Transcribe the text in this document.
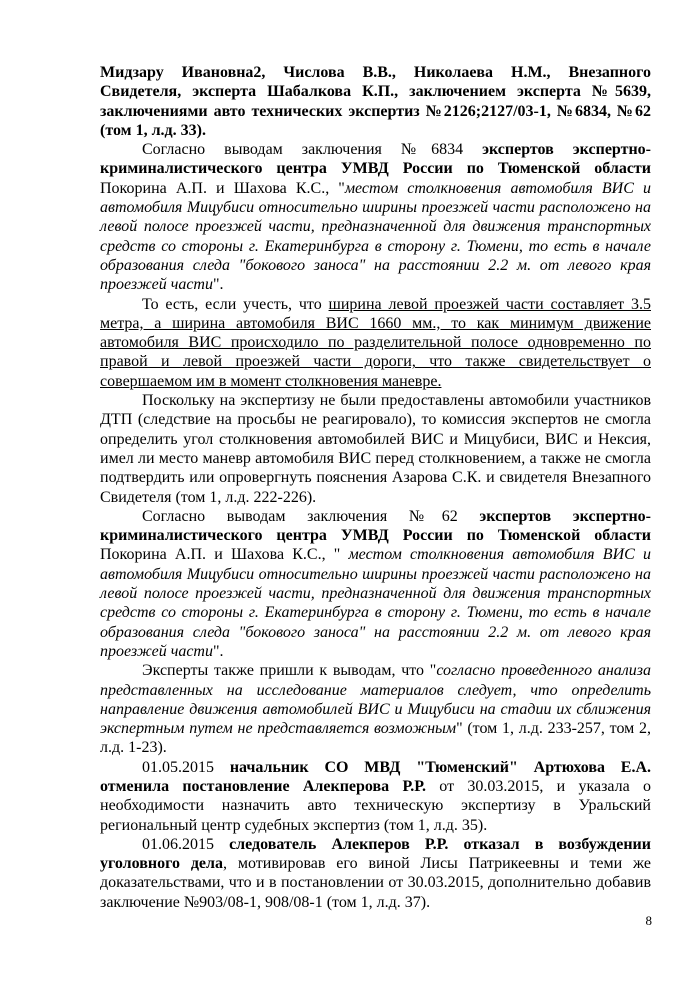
Мидзару Ивановна2, Числова В.В., Николаева Н.М., Внезапного Свидетеля, эксперта Шабалкова К.П., заключением эксперта №5639, заключениями авто технических экспертиз №2126;2127/03-1, №6834, №62 (том 1, л.д. 33).

Согласно выводам заключения №6834 экспертов экспертно-криминалистического центра УМВД России по Тюменской области Покорина А.П. и Шахова К.С., "местом столкновения автомобиля ВИС и автомобиля Мицубиси относительно ширины проезжей части расположено на левой полосе проезжей части, предназначенной для движения транспортных средств со стороны г. Екатеринбурга в сторону г. Тюмени, то есть в начале образования следа "бокового заноса" на расстоянии 2.2 м. от левого края проезжей части".

То есть, если учесть, что ширина левой проезжей части составляет 3.5 метра, а ширина автомобиля ВИС 1660 мм., то как минимум движение автомобиля ВИС происходило по разделительной полосе одновременно по правой и левой проезжей части дороги, что также свидетельствует о совершаемом им в момент столкновения маневре.

Поскольку на экспертизу не были предоставлены автомобили участников ДТП (следствие на просьбы не реагировало), то комиссия экспертов не смогла определить угол столкновения автомобилей ВИС и Мицубиси, ВИС и Нексия, имел ли место маневр автомобиля ВИС перед столкновением, а также не смогла подтвердить или опровергнуть пояснения Азарова С.К. и свидетеля Внезапного Свидетеля (том 1, л.д. 222-226).

Согласно выводам заключения №62 экспертов экспертно-криминалистического центра УМВД России по Тюменской области Покорина А.П. и Шахова К.С., " местом столкновения автомобиля ВИС и автомобиля Мицубиси относительно ширины проезжей части расположено на левой полосе проезжей части, предназначенной для движения транспортных средств со стороны г. Екатеринбурга в сторону г. Тюмени, то есть в начале образования следа "бокового заноса" на расстоянии 2.2 м. от левого края проезжей части".

Эксперты также пришли к выводам, что "согласно проведенного анализа представленных на исследование материалов следует, что определить направление движения автомобилей ВИС и Мицубиси на стадии их сближения экспертным путем не представляется возможным" (том 1, л.д. 233-257, том 2, л.д. 1-23).

01.05.2015 начальник СО МВД "Тюменский" Артюхова Е.А. отменила постановление Алекперова Р.Р. от 30.03.2015, и указала о необходимости назначить авто техническую экспертизу в Уральский региональный центр судебных экспертиз (том 1, л.д. 35).

01.06.2015 следователь Алекперов Р.Р. отказал в возбуждении уголовного дела, мотивировав его виной Лисы Патрикеевны и теми же доказательствами, что и в постановлении от 30.03.2015, дополнительно добавив заключение №903/08-1, 908/08-1 (том 1, л.д. 37).

8
